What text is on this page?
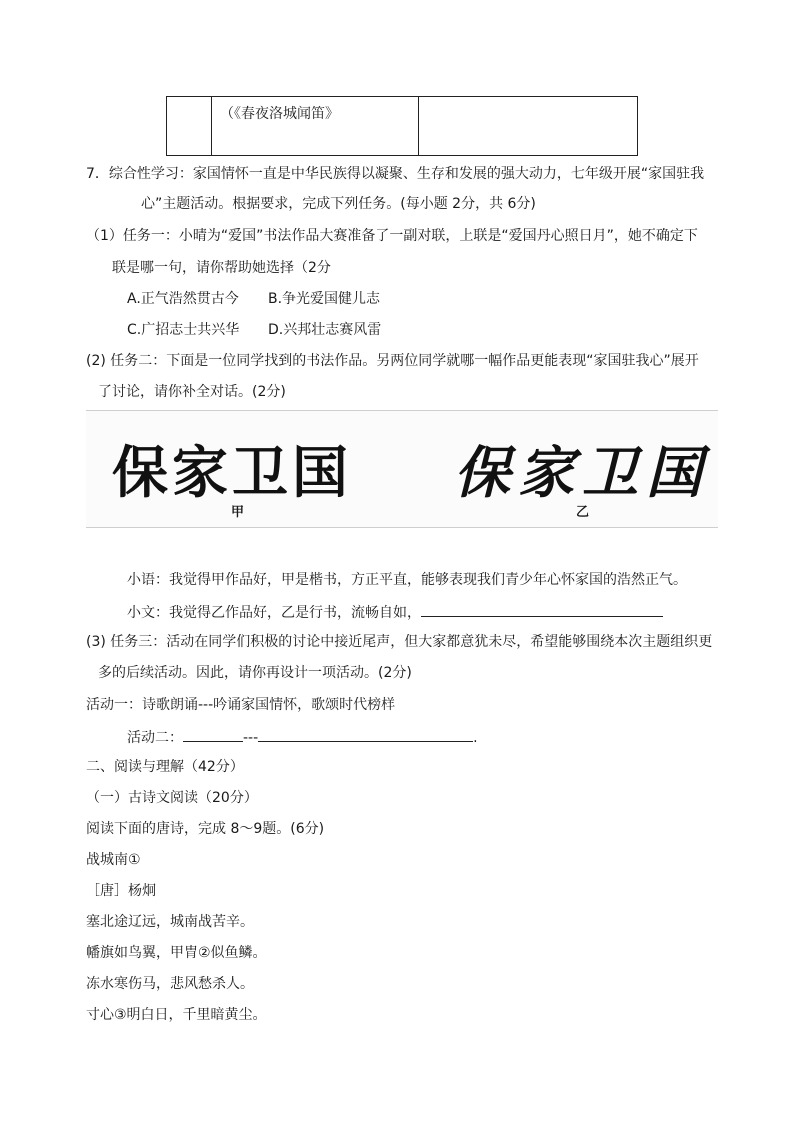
（《春夜洛城闻笛》

7．综合性学习：家国情怀一直是中华民族得以凝聚、生存和发展的强大动力，七年级开展“家国驻我
心”主题活动。根据要求，完成下列任务。(每小题 2分，共 6分)
（1）任务一：小晴为“爱国”书法作品大赛准备了一副对联，上联是“爱国丹心照日月”，她不确定下
联是哪一句，请你帮助她选择（2分
A.正气浩然贯古今 B.争光爱国健儿志
C.广招志士共兴华 D.兴邦壮志赛风雷
(2) 任务二：下面是一位同学找到的书法作品。另两位同学就哪一幅作品更能表现“家国驻我心”展开
了讨论，请你补全对话。(2分)
保家卫国 保家卫国
甲	乙
小语：我觉得甲作品好，甲是楷书，方正平直，能够表现我们青少年心怀家国的浩然正气。
小文：我觉得乙作品好，乙是行书，流畅自如，
(3) 任务三：活动在同学们积极的讨论中接近尾声，但大家都意犹未尽，希望能够围绕本次主题组织更
多的后续活动。因此，请你再设计一项活动。(2分)
活动一：诗歌朗诵---吟诵家国情怀，歌颂时代榜样
活动二：	---	.
二、阅读与理解（42分）
（一）古诗文阅读（20分）
阅读下面的唐诗，完成 8～9题。(6分)
战城南①
［唐］杨炯
塞北途辽远，城南战苦辛。
幡旗如鸟翼，甲胄②似鱼鳞。
冻水寒伤马，悲风愁杀人。
寸心③明白日，千里暗黄尘。
